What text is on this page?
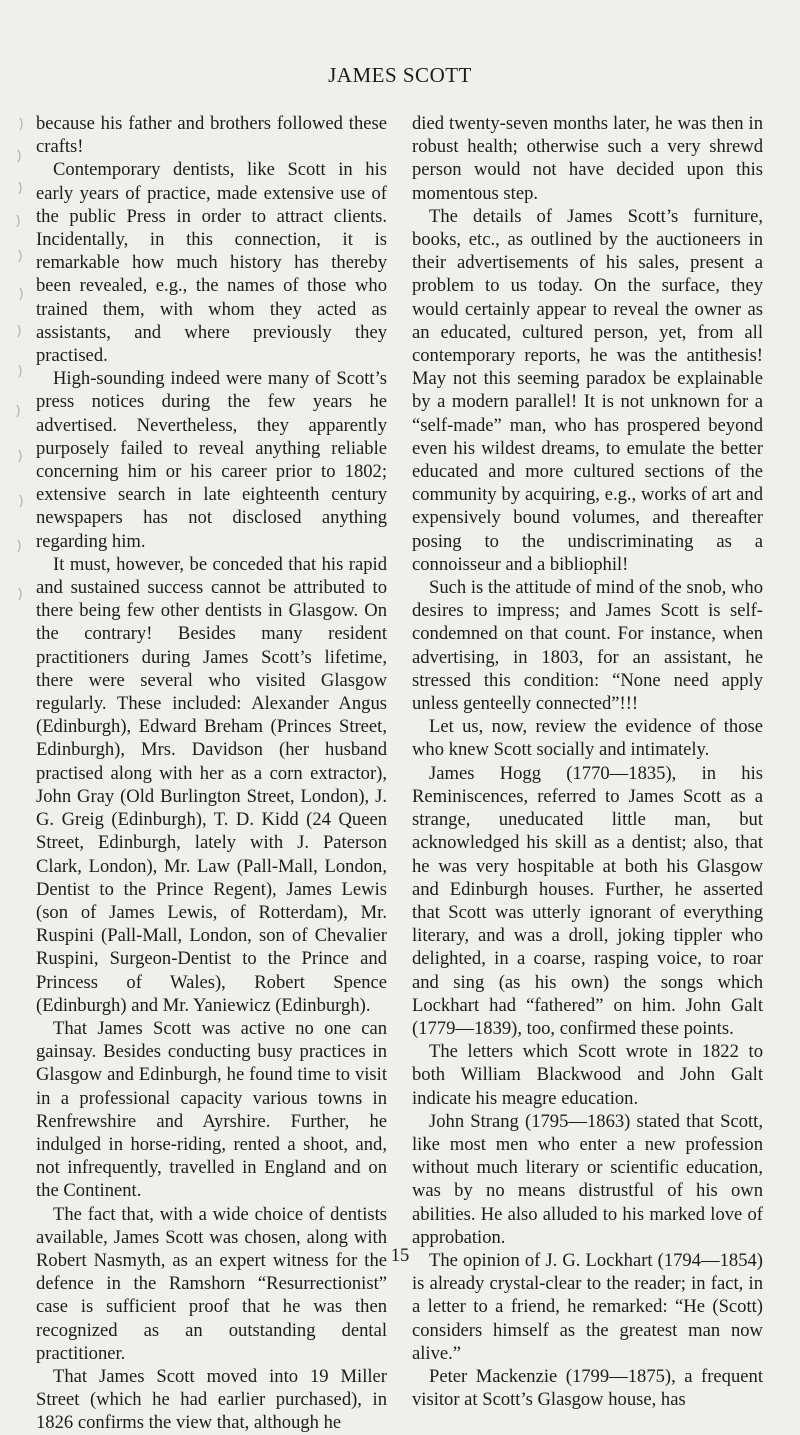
JAMES SCOTT

because his father and brothers followed these crafts!

Contemporary dentists, like Scott in his early years of practice, made extensive use of the public Press in order to attract clients. Incidentally, in this connection, it is remarkable how much history has thereby been revealed, e.g., the names of those who trained them, with whom they acted as assistants, and where previously they practised.

High-sounding indeed were many of Scott’s press notices during the few years he advertised. Nevertheless, they apparently purposely failed to reveal anything reliable concerning him or his career prior to 1802; extensive search in late eighteenth century newspapers has not disclosed anything regarding him.

It must, however, be conceded that his rapid and sustained success cannot be attributed to there being few other dentists in Glasgow. On the contrary! Besides many resident practitioners during James Scott’s lifetime, there were several who visited Glasgow regularly. These included: Alexander Angus (Edinburgh), Edward Breham (Princes Street, Edinburgh), Mrs. Davidson (her husband practised along with her as a corn extractor), John Gray (Old Burlington Street, London), J. G. Greig (Edinburgh), T. D. Kidd (24 Queen Street, Edinburgh, lately with J. Paterson Clark, London), Mr. Law (Pall-Mall, London, Dentist to the Prince Regent), James Lewis (son of James Lewis, of Rotterdam), Mr. Ruspini (Pall-Mall, London, son of Chevalier Ruspini, Surgeon-Dentist to the Prince and Princess of Wales), Robert Spence (Edinburgh) and Mr. Yaniewicz (Edinburgh).

That James Scott was active no one can gainsay. Besides conducting busy practices in Glasgow and Edinburgh, he found time to visit in a professional capacity various towns in Renfrewshire and Ayrshire. Further, he indulged in horse-riding, rented a shoot, and, not infrequently, travelled in England and on the Continent.

The fact that, with a wide choice of dentists available, James Scott was chosen, along with Robert Nasmyth, as an expert witness for the defence in the Ramshorn “Resurrectionist” case is sufficient proof that he was then recognized as an outstanding dental practitioner.

That James Scott moved into 19 Miller Street (which he had earlier purchased), in 1826 confirms the view that, although he

died twenty-seven months later, he was then in robust health; otherwise such a very shrewd person would not have decided upon this momentous step.

The details of James Scott’s furniture, books, etc., as outlined by the auctioneers in their advertisements of his sales, present a problem to us today. On the surface, they would certainly appear to reveal the owner as an educated, cultured person, yet, from all contemporary reports, he was the antithesis! May not this seeming paradox be explainable by a modern parallel! It is not unknown for a “self-made” man, who has prospered beyond even his wildest dreams, to emulate the better educated and more cultured sections of the community by acquiring, e.g., works of art and expensively bound volumes, and thereafter posing to the undiscriminating as a connoisseur and a bibliophil!

Such is the attitude of mind of the snob, who desires to impress; and James Scott is self-condemned on that count. For instance, when advertising, in 1803, for an assistant, he stressed this condition: “None need apply unless genteelly connected”!!!

Let us, now, review the evidence of those who knew Scott socially and intimately.

James Hogg (1770—1835), in his Reminiscences, referred to James Scott as a strange, uneducated little man, but acknowledged his skill as a dentist; also, that he was very hospitable at both his Glasgow and Edinburgh houses. Further, he asserted that Scott was utterly ignorant of everything literary, and was a droll, joking tippler who delighted, in a coarse, rasping voice, to roar and sing (as his own) the songs which Lockhart had “fathered” on him. John Galt (1779—1839), too, confirmed these points.

The letters which Scott wrote in 1822 to both William Blackwood and John Galt indicate his meagre education.

John Strang (1795—1863) stated that Scott, like most men who enter a new profession without much literary or scientific education, was by no means distrustful of his own abilities. He also alluded to his marked love of approbation.

The opinion of J. G. Lockhart (1794—1854) is already crystal-clear to the reader; in fact, in a letter to a friend, he remarked: “He (Scott) considers himself as the greatest man now alive.”

Peter Mackenzie (1799—1875), a frequent visitor at Scott’s Glasgow house, has

15
